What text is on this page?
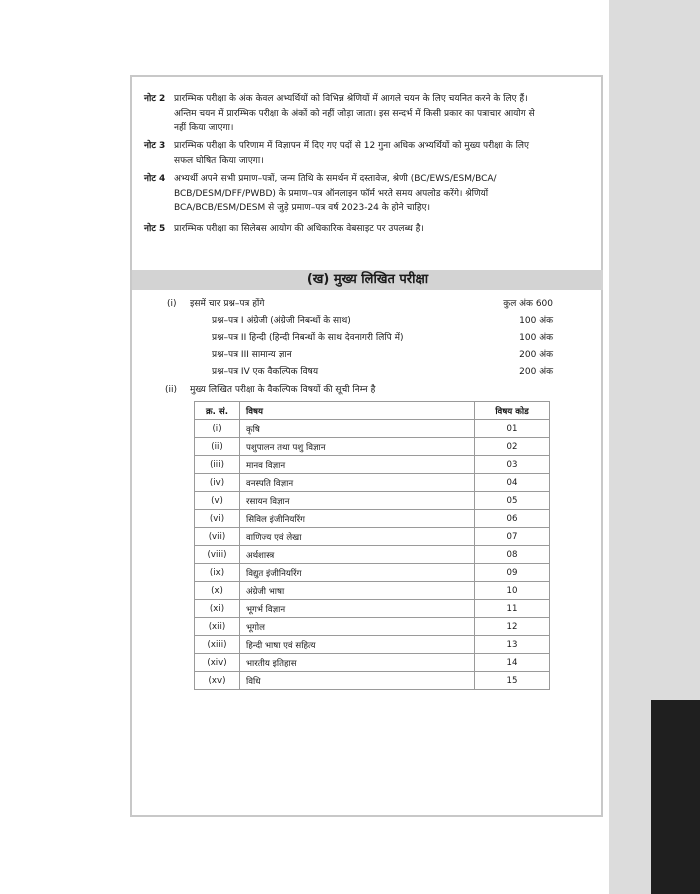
नोट 2 प्रारम्भिक परीक्षा के अंक केवल अभ्यर्थियों को विभिन्न श्रेणियों में आगले चयन के लिए चयनित करने के लिए हैं।
अन्तिम चयन में प्रारम्भिक परीक्षा के अंकों को नहीं जोड़ा जाता। इस सन्दर्भ में किसी प्रकार का पत्राचार आयोग से
नहीं किया जाएगा।
नोट 3 प्रारम्भिक परीक्षा के परिणाम में विज्ञापन में दिए गए पदों से 12 गुना अधिक अभ्यर्थियों को मुख्य परीक्षा के लिए
सफल घोषित किया जाएगा।
नोट 4 अभ्यर्थी अपने सभी प्रमाण–पत्रों, जन्म तिथि के समर्थन में दस्तावेज, श्रेणी (BC/EWS/ESM/BCA/
BCB/DESM/DFF/PWBD) के प्रमाण–पत्र ऑनलाइन फॉर्म भरते समय अपलोड करेंगे। श्रेणियों
BCA/BCB/ESM/DESM से जुड़े प्रमाण–पत्र वर्ष 2023-24 के होने चाहिए।
नोट 5 प्रारम्भिक परीक्षा का सिलेबस आयोग की अधिकारिक वेबसाइट पर उपलब्ध है।
(ख) मुख्य लिखित परीक्षा
(i) इसमें चार प्रश्न–पत्र होंगे	कुल अंक 600
प्रश्न–पत्र I अंग्रेजी (अंग्रेजी निबन्धों के साथ)	100 अंक
प्रश्न–पत्र II हिन्दी (हिन्दी निबन्धों के साथ देवनागरी लिपि में)	100 अंक
प्रश्न–पत्र III सामान्य ज्ञान	200 अंक
प्रश्न–पत्र IV एक वैकल्पिक विषय	200 अंक
(ii) मुख्य लिखित परीक्षा के वैकल्पिक विषयों की सूची निम्न है
क्र. सं.	विषय	विषय कोड
(i)	कृषि	01
(ii)	पशुपालन तथा पशु विज्ञान	02
(iii)	मानव विज्ञान	03
(iv)	वनस्पति विज्ञान	04
(v)	रसायन विज्ञान	05
(vi)	सिविल इंजीनियरिंग	06
(vii)	वाणिज्य एवं लेखा	07
(viii)	अर्थशास्त्र	08
(ix)	विद्युत इंजीनियरिंग	09
(x)	अंग्रेजी भाषा	10
(xi)	भूगर्भ विज्ञान	11
(xii)	भूगोल	12
(xiii)	हिन्दी भाषा एवं सहित्य	13
(xiv)	भारतीय इतिहास	14
(xv)	विधि	15
